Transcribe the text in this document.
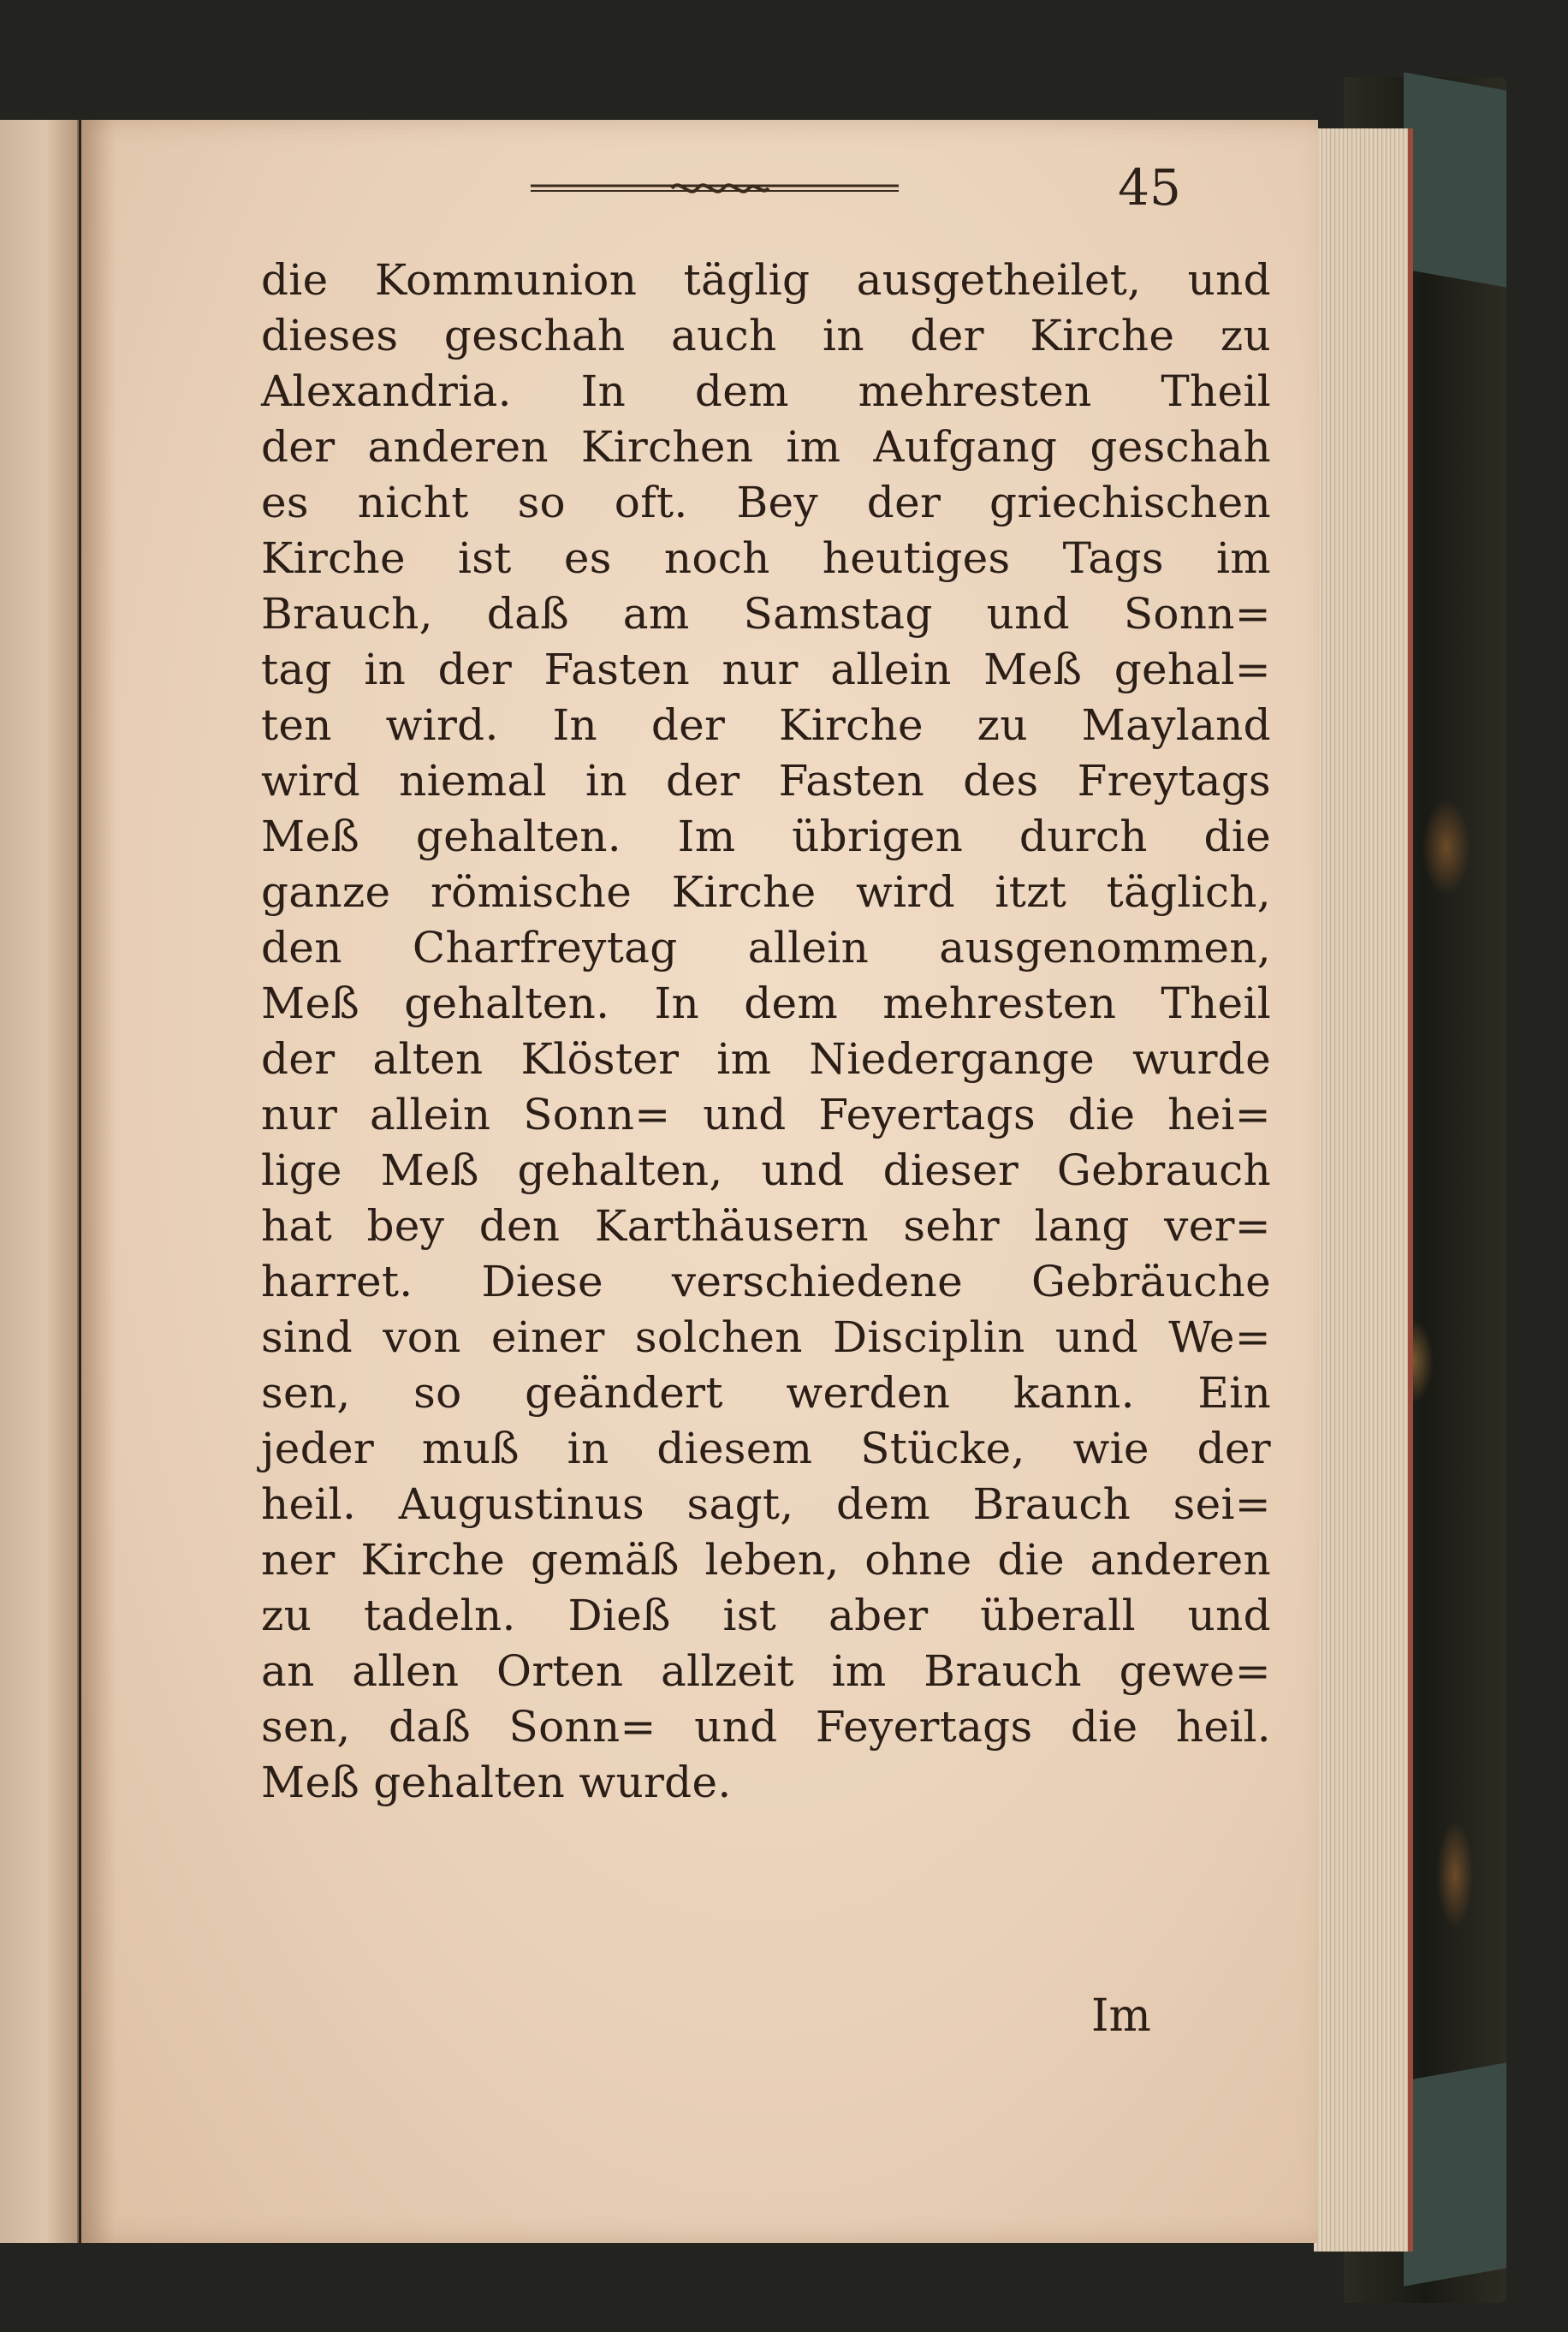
45
die Kommunion täglig ausgetheilet, und
dieses geschah auch in der Kirche zu
Alexandria. In dem mehresten Theil
der anderen Kirchen im Aufgang geschah
es nicht so oft. Bey der griechischen
Kirche ist es noch heutiges Tags im
Brauch, daß am Samstag und Sonn=
tag in der Fasten nur allein Meß gehal=
ten wird. In der Kirche zu Mayland
wird niemal in der Fasten des Freytags
Meß gehalten. Im übrigen durch die
ganze römische Kirche wird itzt täglich,
den Charfreytag allein ausgenommen,
Meß gehalten. In dem mehresten Theil
der alten Klöster im Niedergange wurde
nur allein Sonn= und Feyertags die hei=
lige Meß gehalten, und dieser Gebrauch
hat bey den Karthäusern sehr lang ver=
harret. Diese verschiedene Gebräuche
sind von einer solchen Disciplin und We=
sen, so geändert werden kann. Ein
jeder muß in diesem Stücke, wie der
heil. Augustinus sagt, dem Brauch sei=
ner Kirche gemäß leben, ohne die anderen
zu tadeln. Dieß ist aber überall und
an allen Orten allzeit im Brauch gewe=
sen, daß Sonn= und Feyertags die heil.
Meß gehalten wurde.
Im
